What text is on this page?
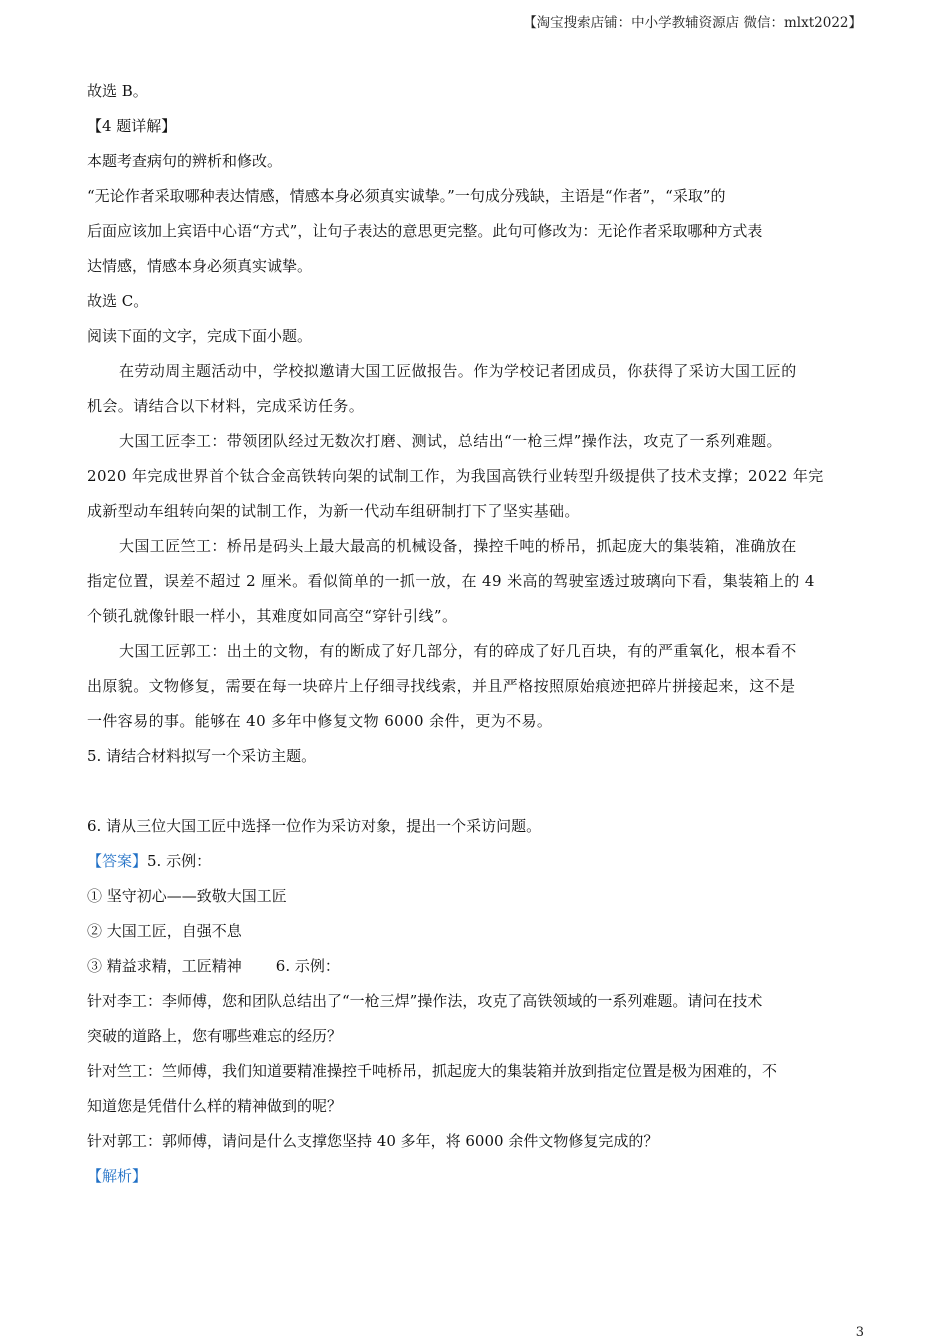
【淘宝搜索店铺：中小学教辅资源店 微信：mlxt2022】
故选 B。
【4 题详解】
本题考查病句的辨析和修改。
“无论作者采取哪种表达情感，情感本身必须真实诚挚。”一句成分残缺，主语是“作者”，“采取”的
后面应该加上宾语中心语“方式”，让句子表达的意思更完整。此句可修改为：无论作者采取哪种方式表
达情感，情感本身必须真实诚挚。
故选 C。
阅读下面的文字，完成下面小题。
在劳动周主题活动中，学校拟邀请大国工匠做报告。作为学校记者团成员，你获得了采访大国工匠的
机会。请结合以下材料，完成采访任务。
大国工匠李工：带领团队经过无数次打磨、测试，总结出“一枪三焊”操作法，攻克了一系列难题。
2020 年完成世界首个钛合金高铁转向架的试制工作，为我国高铁行业转型升级提供了技术支撑；2022 年完
成新型动车组转向架的试制工作，为新一代动车组研制打下了坚实基础。
大国工匠竺工：桥吊是码头上最大最高的机械设备，操控千吨的桥吊，抓起庞大的集装箱，准确放在
指定位置，误差不超过 2 厘米。看似简单的一抓一放，在 49 米高的驾驶室透过玻璃向下看，集装箱上的 4
个锁孔就像针眼一样小，其难度如同高空“穿针引线”。
大国工匠郭工：出土的文物，有的断成了好几部分，有的碎成了好几百块，有的严重氧化，根本看不
出原貌。文物修复，需要在每一块碎片上仔细寻找线索，并且严格按照原始痕迹把碎片拼接起来，这不是
一件容易的事。能够在 40 多年中修复文物 6000 余件，更为不易。
5. 请结合材料拟写一个采访主题。
6. 请从三位大国工匠中选择一位作为采访对象，提出一个采访问题。
【答案】5. 示例：
① 坚守初心——致敬大国工匠
② 大国工匠，自强不息
③ 精益求精，工匠精神 6. 示例：
针对李工：李师傅，您和团队总结出了“一枪三焊”操作法，攻克了高铁领域的一系列难题。请问在技术
突破的道路上，您有哪些难忘的经历？
针对竺工：竺师傅，我们知道要精准操控千吨桥吊，抓起庞大的集装箱并放到指定位置是极为困难的，不
知道您是凭借什么样的精神做到的呢？
针对郭工：郭师傅，请问是什么支撑您坚持 40 多年，将 6000 余件文物修复完成的？
【解析】
3
